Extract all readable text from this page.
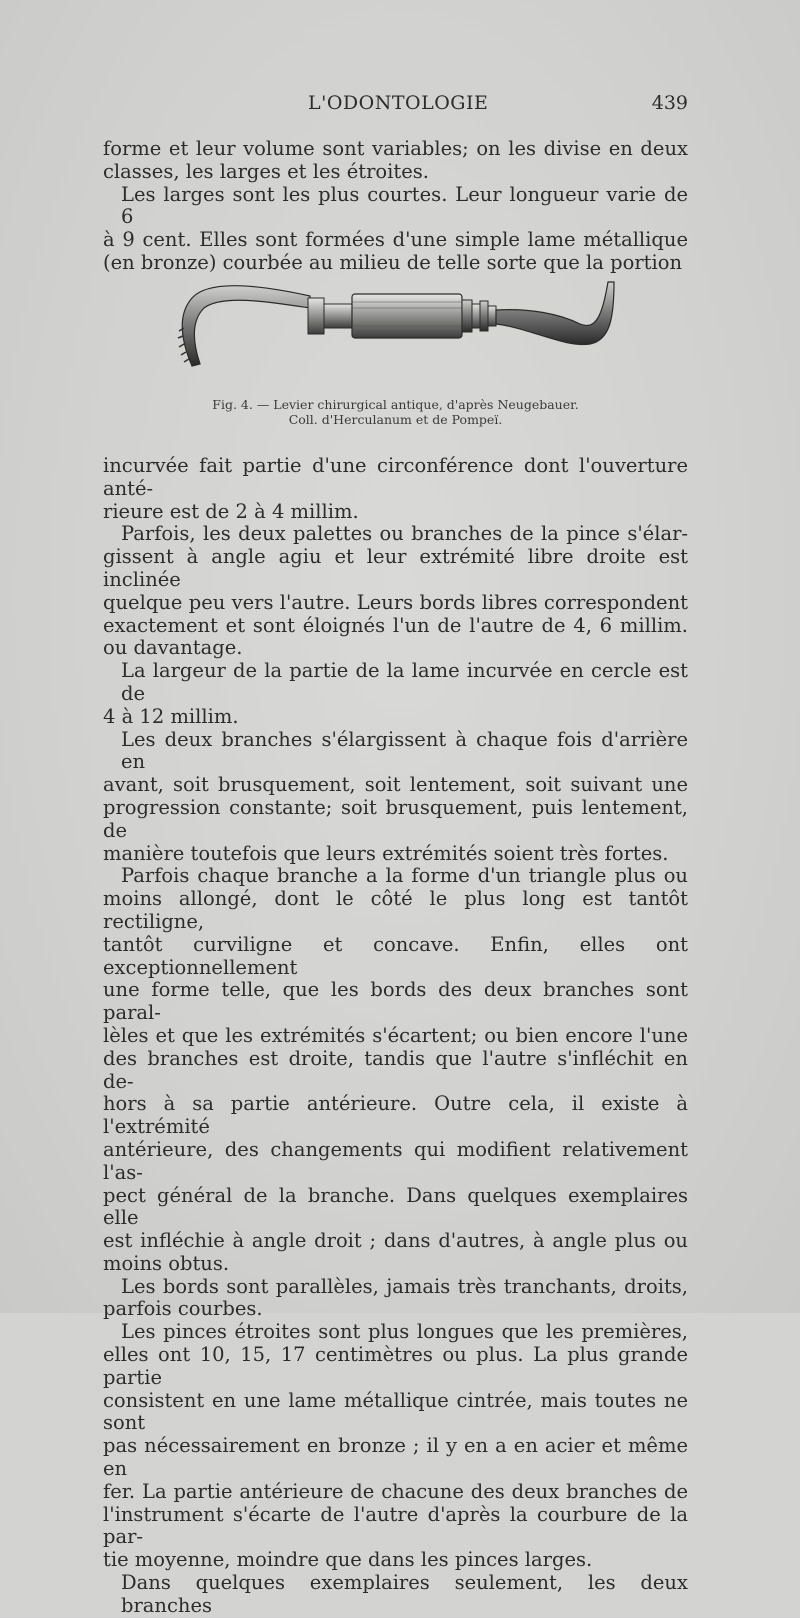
L'ODONTOLOGIE	439

forme et leur volume sont variables; on les divise en deux
classes, les larges et les étroites.

Les larges sont les plus courtes. Leur longueur varie de 6
à 9 cent. Elles sont formées d'une simple lame métallique
(en bronze) courbée au milieu de telle sorte que la portion

Fig. 4. — Levier chirurgical antique, d'après Neugebauer.
Coll. d'Herculanum et de Pompeï.

incurvée fait partie d'une circonférence dont l'ouverture anté-
rieure est de 2 à 4 millim.

Parfois, les deux palettes ou branches de la pince s'élar-
gissent à angle agiu et leur extrémité libre droite est inclinée
quelque peu vers l'autre. Leurs bords libres correspondent
exactement et sont éloignés l'un de l'autre de 4, 6 millim.
ou davantage.

La largeur de la partie de la lame incurvée en cercle est de
4 à 12 millim.

Les deux branches s'élargissent à chaque fois d'arrière en
avant, soit brusquement, soit lentement, soit suivant une
progression constante; soit brusquement, puis lentement, de
manière toutefois que leurs extrémités soient très fortes.

Parfois chaque branche a la forme d'un triangle plus ou
moins allongé, dont le côté le plus long est tantôt rectiligne,
tantôt curviligne et concave. Enfin, elles ont exceptionnellement
une forme telle, que les bords des deux branches sont paral-
lèles et que les extrémités s'écartent; ou bien encore l'une
des branches est droite, tandis que l'autre s'infléchit en de-
hors à sa partie antérieure. Outre cela, il existe à l'extrémité
antérieure, des changements qui modifient relativement l'as-
pect général de la branche. Dans quelques exemplaires elle
est infléchie à angle droit ; dans d'autres, à angle plus ou
moins obtus.

Les bords sont parallèles, jamais très tranchants, droits,
parfois courbes.

Les pinces étroites sont plus longues que les premières,
elles ont 10, 15, 17 centimètres ou plus. La plus grande partie
consistent en une lame métallique cintrée, mais toutes ne sont
pas nécessairement en bronze ; il y en a en acier et même en
fer. La partie antérieure de chacune des deux branches de
l'instrument s'écarte de l'autre d'après la courbure de la par-
tie moyenne, moindre que dans les pinces larges.

Dans quelques exemplaires seulement, les deux branches
